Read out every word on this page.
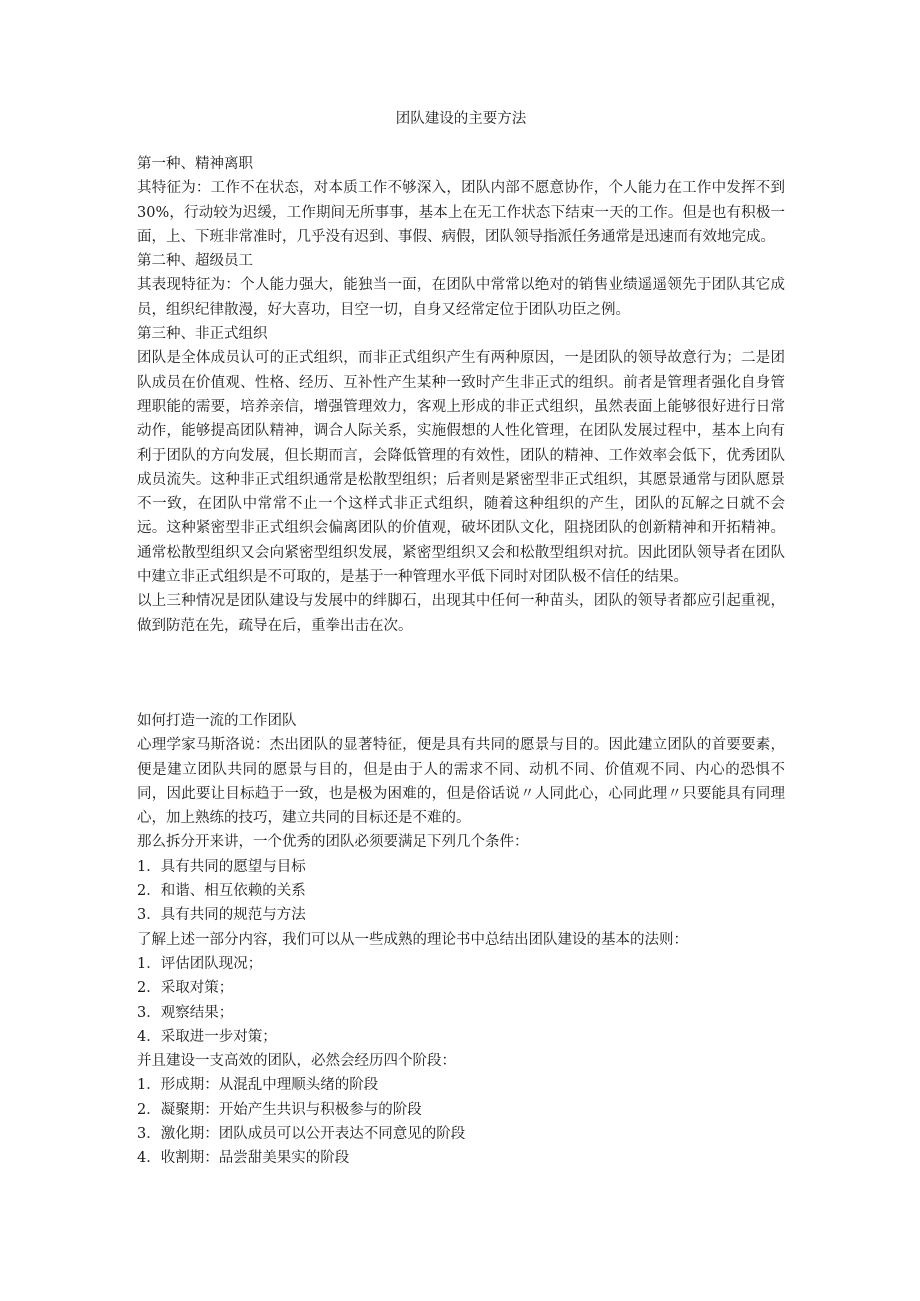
团队建设的主要方法

第一种、精神离职

其特征为：工作不在状态，对本质工作不够深入，团队内部不愿意协作，个人能力在工作中发挥不到30%，行动较为迟缓，工作期间无所事事，基本上在无工作状态下结束一天的工作。但是也有积极一面，上、下班非常准时，几乎没有迟到、事假、病假，团队领导指派任务通常是迅速而有效地完成。

第二种、超级员工

其表现特征为：个人能力强大，能独当一面，在团队中常常以绝对的销售业绩遥遥领先于团队其它成员，组织纪律散漫，好大喜功，目空一切，自身又经常定位于团队功臣之例。

第三种、非正式组织

团队是全体成员认可的正式组织，而非正式组织产生有两种原因，一是团队的领导故意行为；二是团队成员在价值观、性格、经历、互补性产生某种一致时产生非正式的组织。前者是管理者强化自身管理职能的需要，培养亲信，增强管理效力，客观上形成的非正式组织，虽然表面上能够很好进行日常动作，能够提高团队精神，调合人际关系，实施假想的人性化管理，在团队发展过程中，基本上向有利于团队的方向发展，但长期而言，会降低管理的有效性，团队的精神、工作效率会低下，优秀团队成员流失。这种非正式组织通常是松散型组织；后者则是紧密型非正式组织，其愿景通常与团队愿景不一致，在团队中常常不止一个这样式非正式组织，随着这种组织的产生，团队的瓦解之日就不会远。这种紧密型非正式组织会偏离团队的价值观，破坏团队文化，阻挠团队的创新精神和开拓精神。通常松散型组织又会向紧密型组织发展，紧密型组织又会和松散型组织对抗。因此团队领导者在团队中建立非正式组织是不可取的，是基于一种管理水平低下同时对团队极不信任的结果。

以上三种情况是团队建设与发展中的绊脚石，出现其中任何一种苗头，团队的领导者都应引起重视，做到防范在先，疏导在后，重拳出击在次。

如何打造一流的工作团队

心理学家马斯洛说：杰出团队的显著特征，便是具有共同的愿景与目的。因此建立团队的首要要素，便是建立团队共同的愿景与目的，但是由于人的需求不同、动机不同、价值观不同、内心的恐惧不同，因此要让目标趋于一致，也是极为困难的，但是俗话说〃人同此心，心同此理〃只要能具有同理心，加上熟练的技巧，建立共同的目标还是不难的。

那么拆分开来讲，一个优秀的团队必须要满足下列几个条件：

1．具有共同的愿望与目标

2．和谐、相互依赖的关系

3．具有共同的规范与方法

了解上述一部分内容，我们可以从一些成熟的理论书中总结出团队建设的基本的法则：

1．评估团队现况；

2．采取对策；

3．观察结果；

4．采取进一步对策；

并且建设一支高效的团队，必然会经历四个阶段：

1．形成期：从混乱中理顺头绪的阶段

2．凝聚期：开始产生共识与积极参与的阶段

3．激化期：团队成员可以公开表达不同意见的阶段

4．收割期：品尝甜美果实的阶段
